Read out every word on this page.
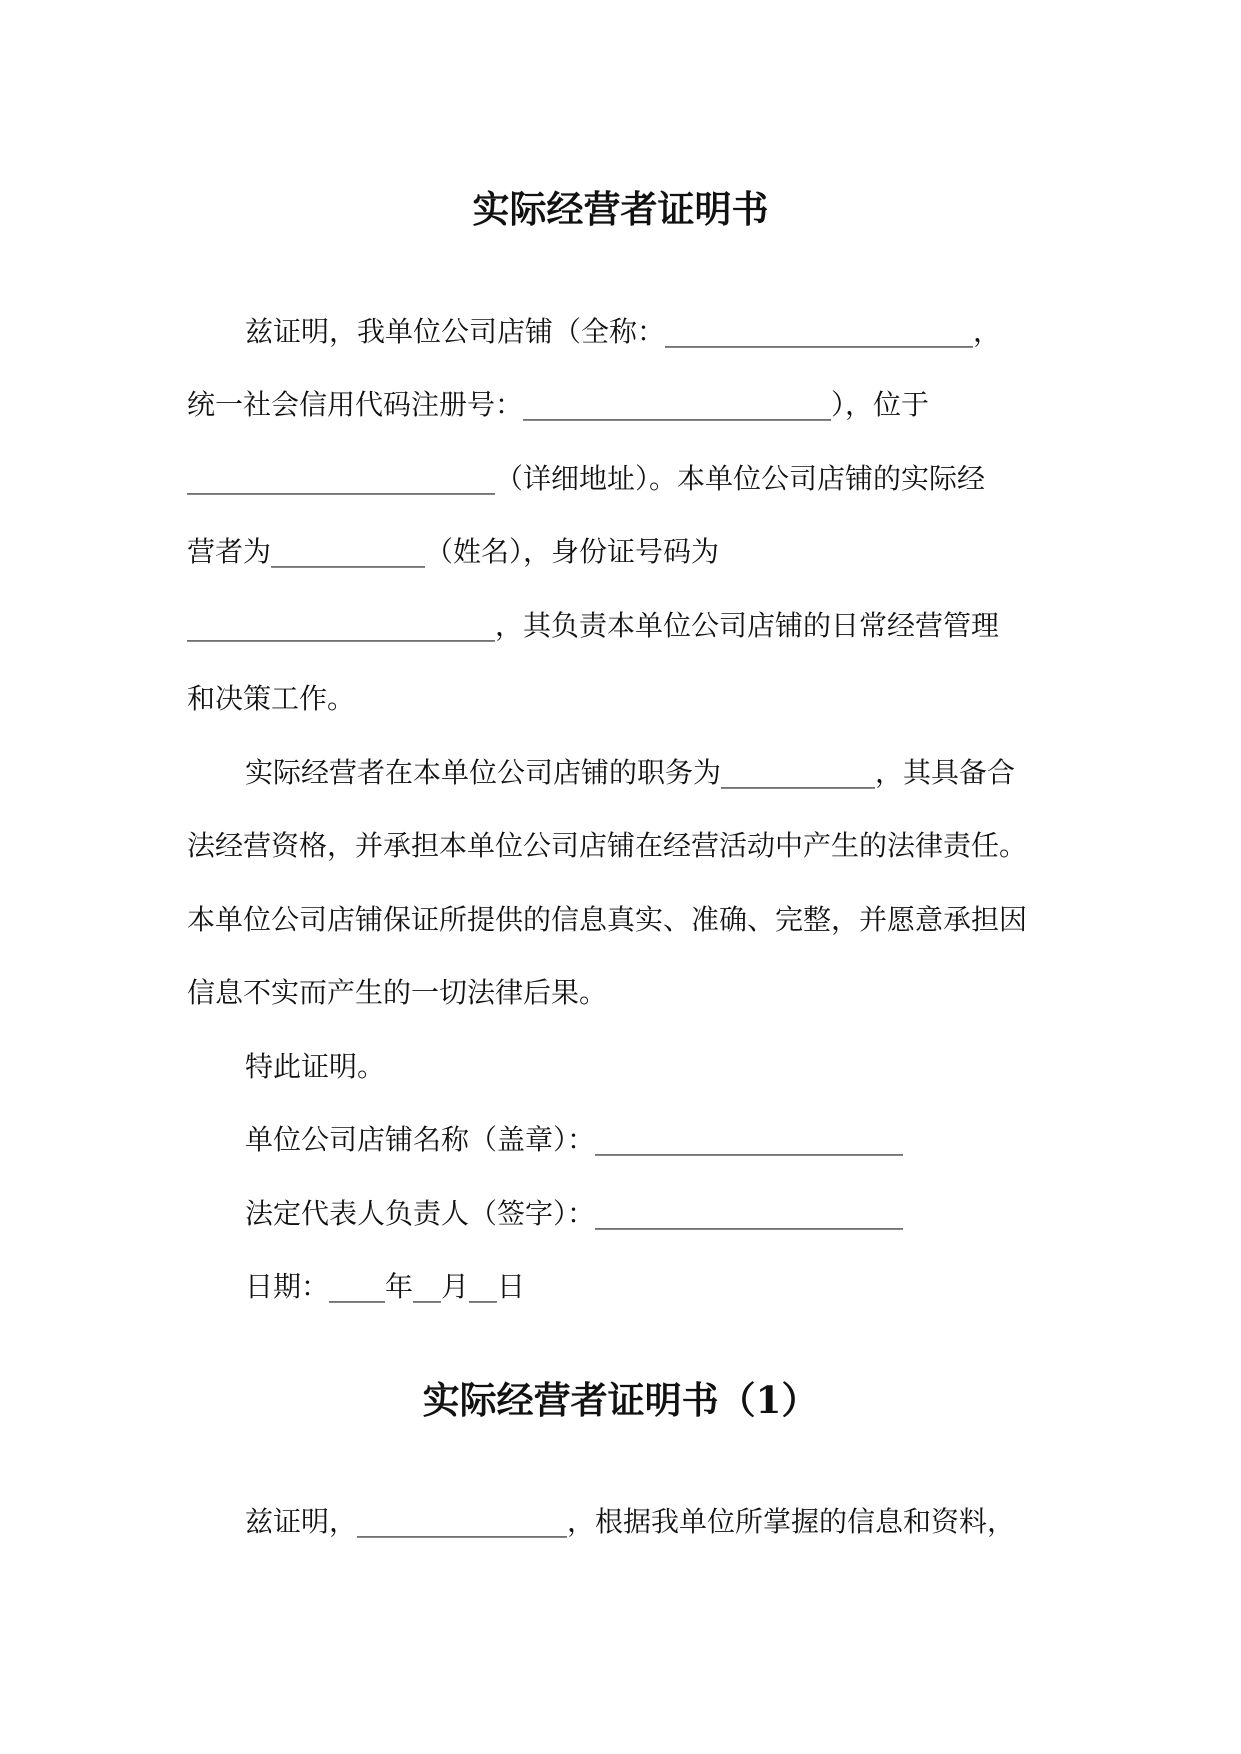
实际经营者证明书
兹证明，我单位公司店铺（全称：______________________，
统一社会信用代码注册号：______________________），位于
______________________（详细地址）。本单位公司店铺的实际经
营者为___________（姓名），身份证号码为
______________________，其负责本单位公司店铺的日常经营管理
和决策工作。
实际经营者在本单位公司店铺的职务为___________，其具备合
法经营资格，并承担本单位公司店铺在经营活动中产生的法律责任。
本单位公司店铺保证所提供的信息真实、准确、完整，并愿意承担因
信息不实而产生的一切法律后果。
特此证明。
单位公司店铺名称（盖章）：______________________
法定代表人负责人（签字）：______________________
日期：____年__月__日
实际经营者证明书（1）
兹证明，_______________，根据我单位所掌握的信息和资料，
